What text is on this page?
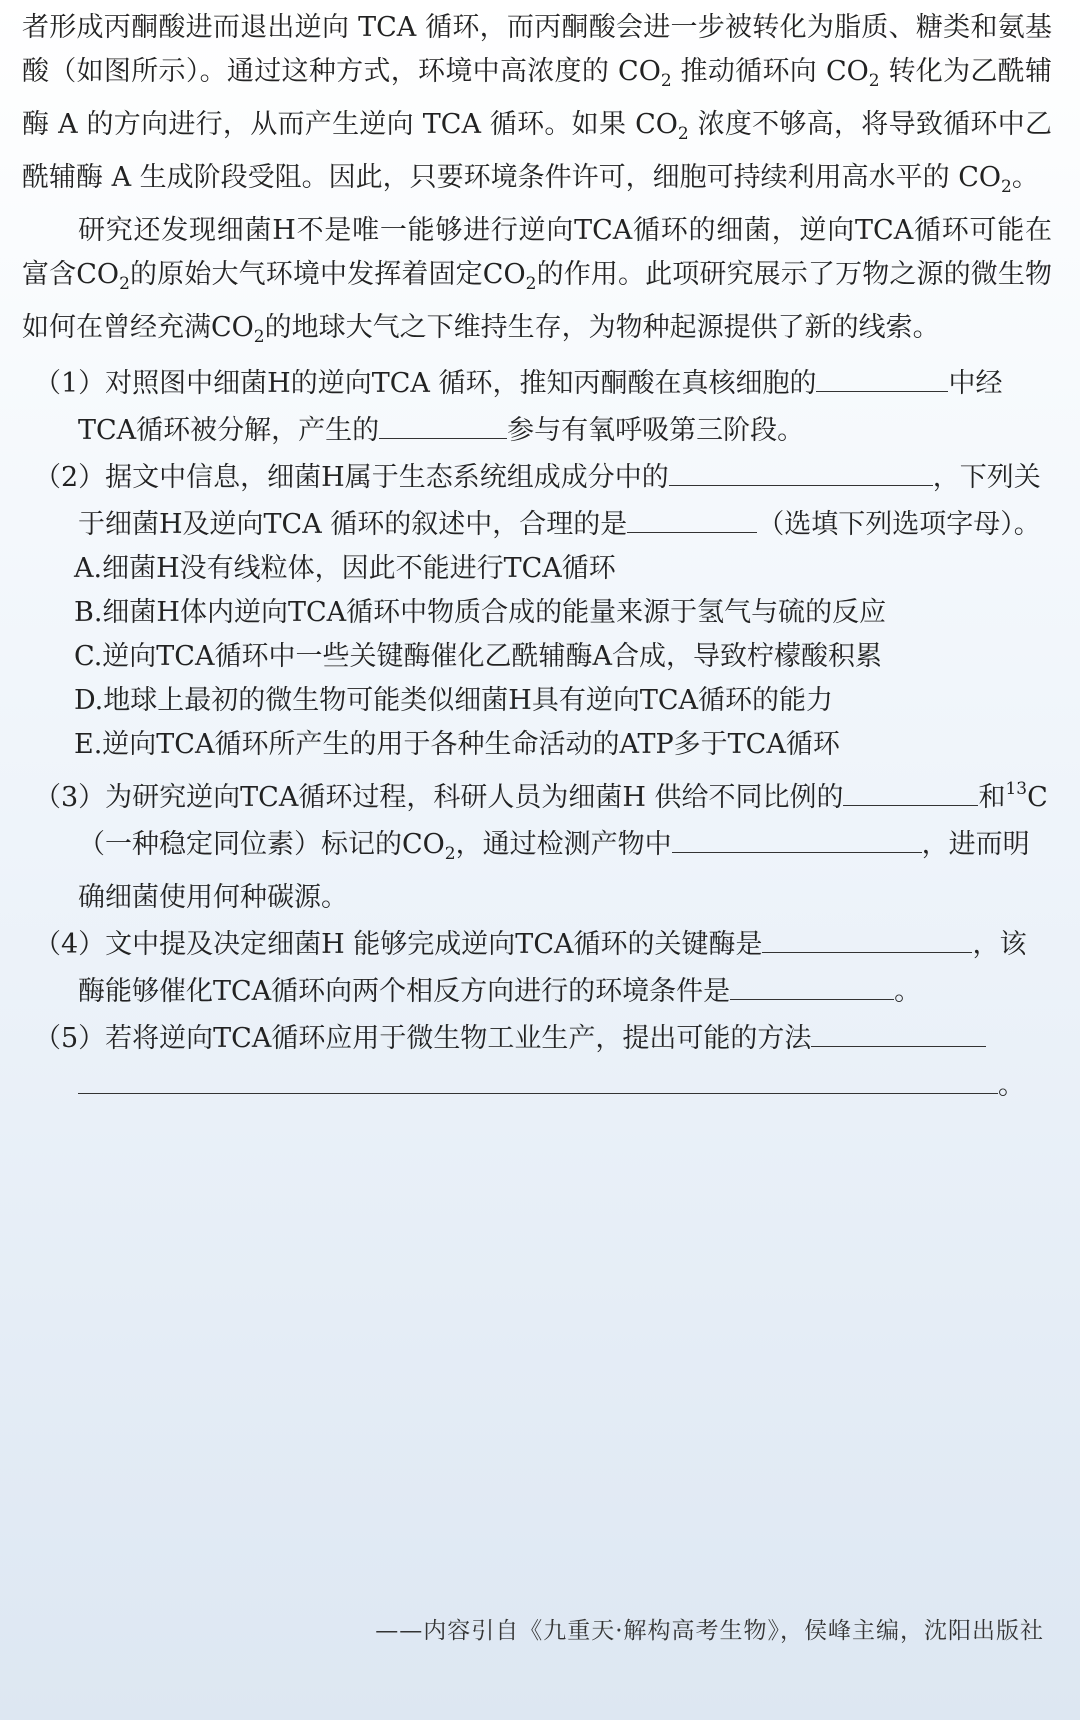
者形成丙酮酸进而退出逆向 TCA 循环，而丙酮酸会进一步被转化为脂质、糖类和氨基酸（如图所示）。通过这种方式，环境中高浓度的 $CO_2$ 推动循环向 $CO_2$ 转化为乙酰辅酶 A 的方向进行，从而产生逆向 TCA 循环。如果 $CO_2$ 浓度不够高，将导致循环中乙酰辅酶 A 生成阶段受阻。因此，只要环境条件许可，细胞可持续利用高水平的 $CO_2$。

研究还发现细菌H不是唯一能够进行逆向TCA循环的细菌，逆向TCA循环可能在富含$CO_2$的原始大气环境中发挥着固定$CO_2$的作用。此项研究展示了万物之源的微生物如何在曾经充满$CO_2$的地球大气之下维持生存，为物种起源提供了新的线索。

（1）对照图中细菌H的逆向TCA 循环，推知丙酮酸在真核细胞的	中经TCA循环被分解，产生的	参与有氧呼吸第三阶段。

（2）据文中信息，细菌H属于生态系统组成成分中的	，下列关于细菌H及逆向TCA 循环的叙述中，合理的是	（选填下列选项字母）。

A.细菌H没有线粒体，因此不能进行TCA循环

B.细菌H体内逆向TCA循环中物质合成的能量来源于氢气与硫的反应

C.逆向TCA循环中一些关键酶催化乙酰辅酶A合成，导致柠檬酸积累

D.地球上最初的微生物可能类似细菌H具有逆向TCA循环的能力

E.逆向TCA循环所产生的用于各种生命活动的ATP多于TCA循环

（3）为研究逆向TCA循环过程，科研人员为细菌H 供给不同比例的	和$^{13}$C（一种稳定同位素）标记的$CO_2$，通过检测产物中	，进而明确细菌使用何种碳源。

（4）文中提及决定细菌H 能够完成逆向TCA循环的关键酶是	，该酶能够催化TCA循环向两个相反方向进行的环境条件是	。

（5）若将逆向TCA循环应用于微生物工业生产，提出可能的方法

。

——内容引自《九重天·解构高考生物》，侯峰主编，沈阳出版社
